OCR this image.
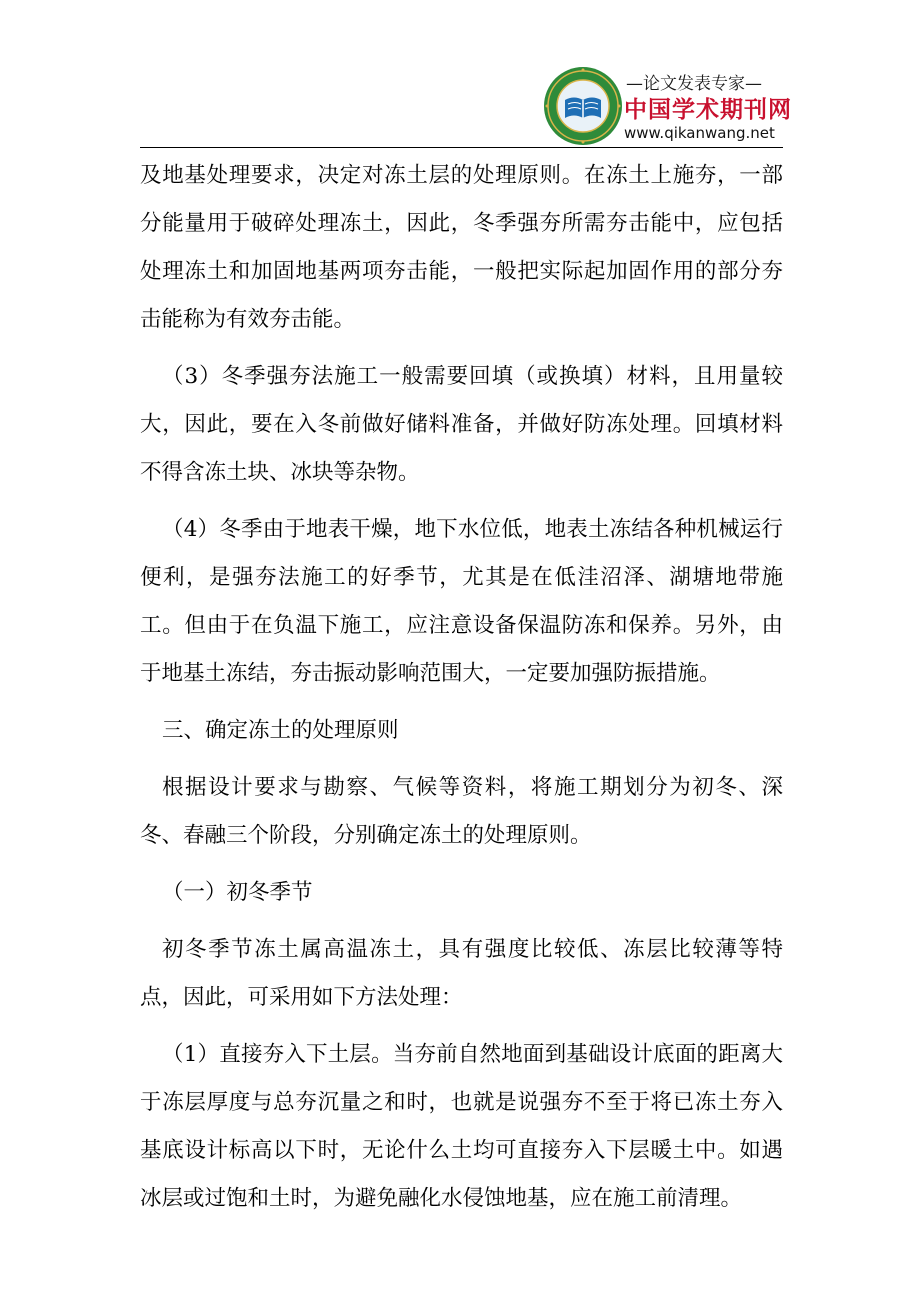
—论文发表专家—
中国学术期刊网
www.qikanwang.net

及地基处理要求，决定对冻土层的处理原则。在冻土上施夯，一部分能量用于破碎处理冻土，因此，冬季强夯所需夯击能中，应包括处理冻土和加固地基两项夯击能，一般把实际起加固作用的部分夯击能称为有效夯击能。

（3）冬季强夯法施工一般需要回填（或换填）材料，且用量较大，因此，要在入冬前做好储料准备，并做好防冻处理。回填材料不得含冻土块、冰块等杂物。

（4）冬季由于地表干燥，地下水位低，地表土冻结各种机械运行便利，是强夯法施工的好季节，尤其是在低洼沼泽、湖塘地带施工。但由于在负温下施工，应注意设备保温防冻和保养。另外，由于地基土冻结，夯击振动影响范围大，一定要加强防振措施。

三、确定冻土的处理原则

根据设计要求与勘察、气候等资料，将施工期划分为初冬、深冬、春融三个阶段，分别确定冻土的处理原则。

（一）初冬季节

初冬季节冻土属高温冻土，具有强度比较低、冻层比较薄等特点，因此，可采用如下方法处理：

（1）直接夯入下土层。当夯前自然地面到基础设计底面的距离大于冻层厚度与总夯沉量之和时，也就是说强夯不至于将已冻土夯入基底设计标高以下时，无论什么土均可直接夯入下层暖土中。如遇冰层或过饱和土时，为避免融化水侵蚀地基，应在施工前清理。
